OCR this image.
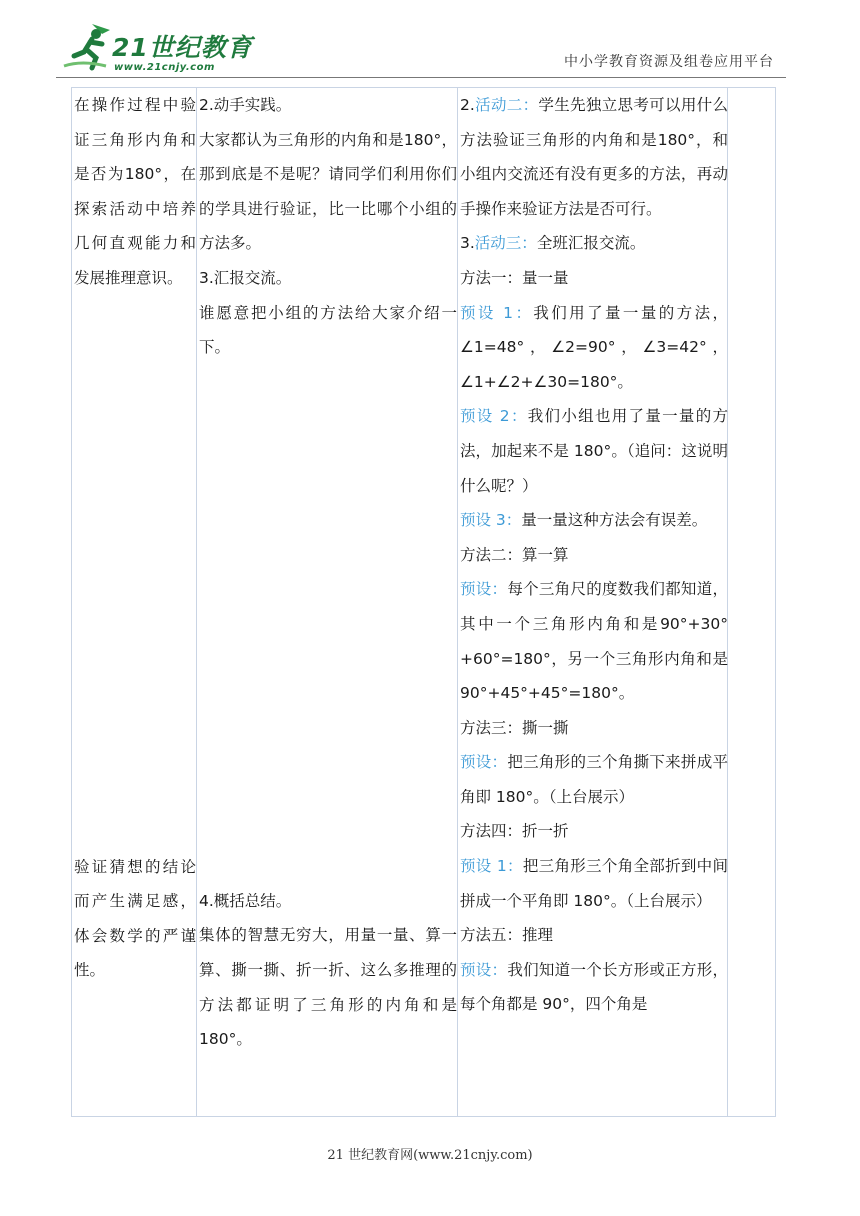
21世纪教育
www.21cnjy.com	中小学教育资源及组卷应用平台

在操作过程中验证三角形内角和是否为180°，在探索活动中培养几何直观能力和发展推理意识。

验证猜想的结论而产生满足感，体会数学的严谨性。

2.动手实践。

大家都认为三角形的内角和是180°，那到底是不是呢？请同学们利用你们的学具进行验证，比一比哪个小组的方法多。

3.汇报交流。

谁愿意把小组的方法给大家介绍一下。

4.概括总结。

集体的智慧无穷大，用量一量、算一算、撕一撕、折一折、这么多推理的方法都证明了三角形的内角和是180°。

2.活动二：学生先独立思考可以用什么方法验证三角形的内角和是180°，和小组内交流还有没有更多的方法，再动手操作来验证方法是否可行。

3.活动三：全班汇报交流。

方法一：量一量

预设 1：我们用了量一量的方法，∠1=48°，∠2=90°，∠3=42°，∠1+∠2+∠30=180°。

预设 2：我们小组也用了量一量的方法，加起来不是 180°。（追问：这说明什么呢？）

预设 3：量一量这种方法会有误差。

方法二：算一算

预设：每个三角尺的度数我们都知道，其中一个三角形内角和是90°+30°+60°=180°，另一个三角形内角和是 90°+45°+45°=180°。

方法三：撕一撕

预设：把三角形的三个角撕下来拼成平角即 180°。（上台展示）

方法四：折一折

预设 1：把三角形三个角全部折到中间拼成一个平角即 180°。（上台展示）

方法五：推理

预设：我们知道一个长方形或正方形，每个角都是 90°，四个角是

21 世纪教育网(www.21cnjy.com)
